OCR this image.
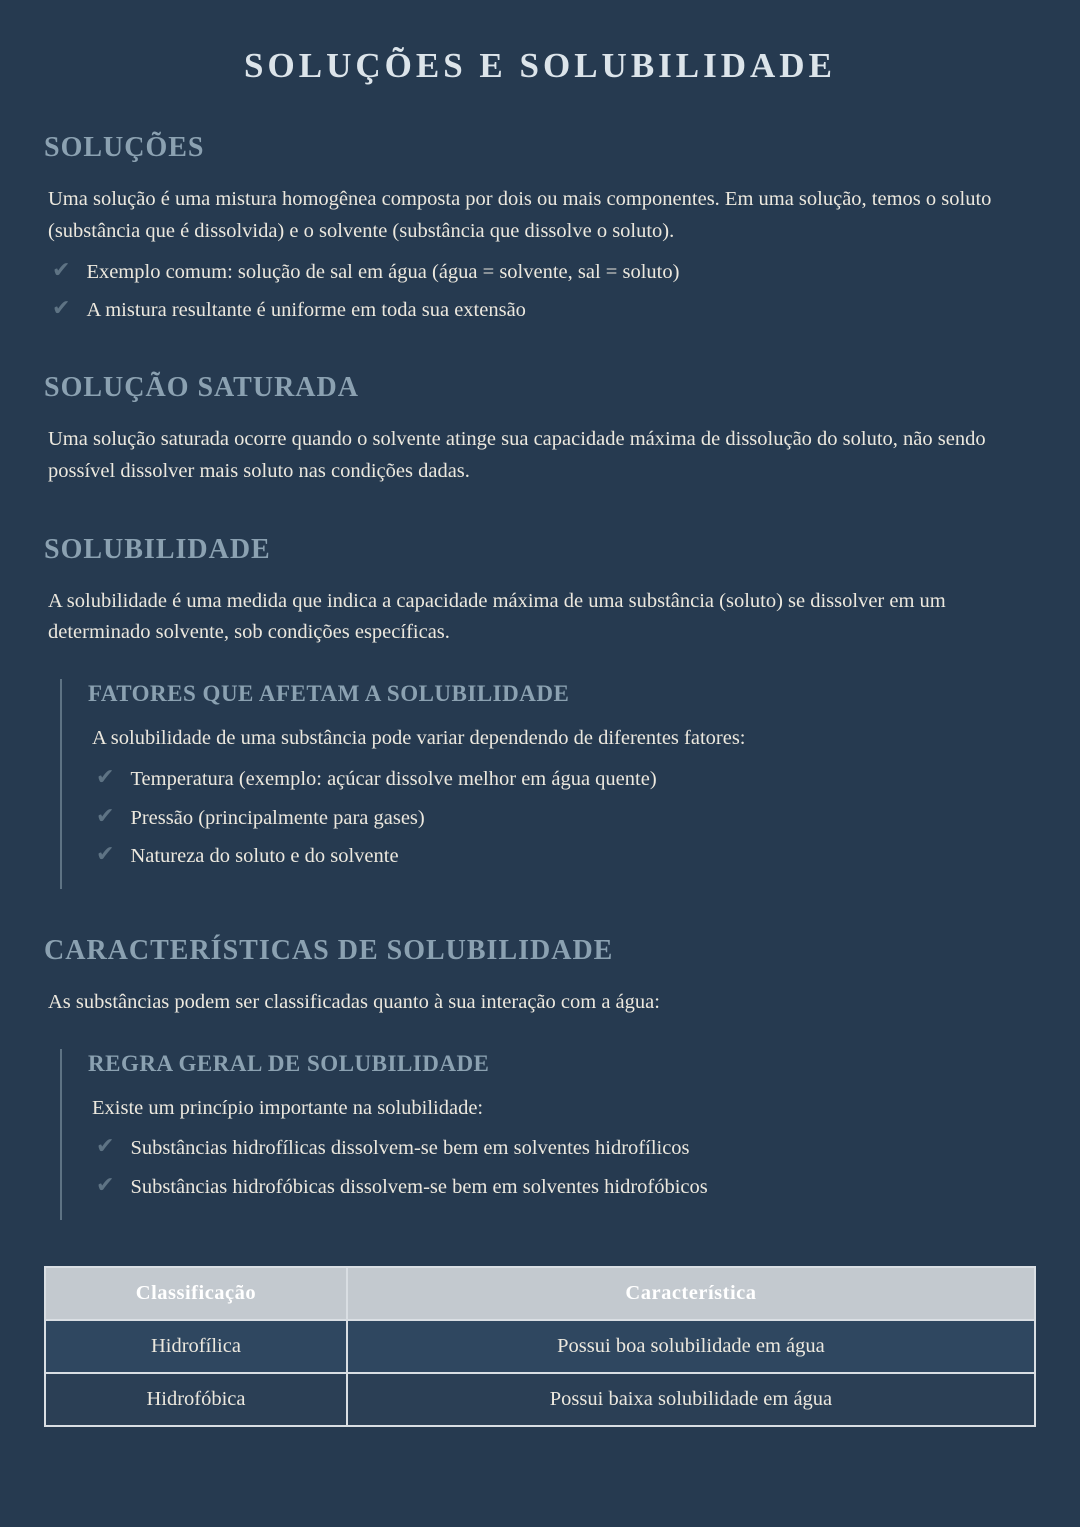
SOLUÇÕES E SOLUBILIDADE
SOLUÇÕES

Uma solução é uma mistura homogênea composta por dois ou mais componentes. Em uma solução, temos o soluto (substância que é dissolvida) e o solvente (substância que dissolve o soluto).

✔ Exemplo comum: solução de sal em água (água = solvente, sal = soluto)
✔ A mistura resultante é uniforme em toda sua extensão
SOLUÇÃO SATURADA

Uma solução saturada ocorre quando o solvente atinge sua capacidade máxima de dissolução do soluto, não sendo possível dissolver mais soluto nas condições dadas.

SOLUBILIDADE

A solubilidade é uma medida que indica a capacidade máxima de uma substância (soluto) se dissolver em um determinado solvente, sob condições específicas.

FATORES QUE AFETAM A SOLUBILIDADE

A solubilidade de uma substância pode variar dependendo de diferentes fatores:

✔ Temperatura (exemplo: açúcar dissolve melhor em água quente)
✔ Pressão (principalmente para gases)
✔ Natureza do soluto e do solvente
CARACTERÍSTICAS DE SOLUBILIDADE

As substâncias podem ser classificadas quanto à sua interação com a água:

REGRA GERAL DE SOLUBILIDADE

Existe um princípio importante na solubilidade:

✔ Substâncias hidrofílicas dissolvem-se bem em solventes hidrofílicos
✔ Substâncias hidrofóbicas dissolvem-se bem em solventes hidrofóbicos
Classificação	Característica
Hidrofílica	Possui boa solubilidade em água
Hidrofóbica	Possui baixa solubilidade em água
